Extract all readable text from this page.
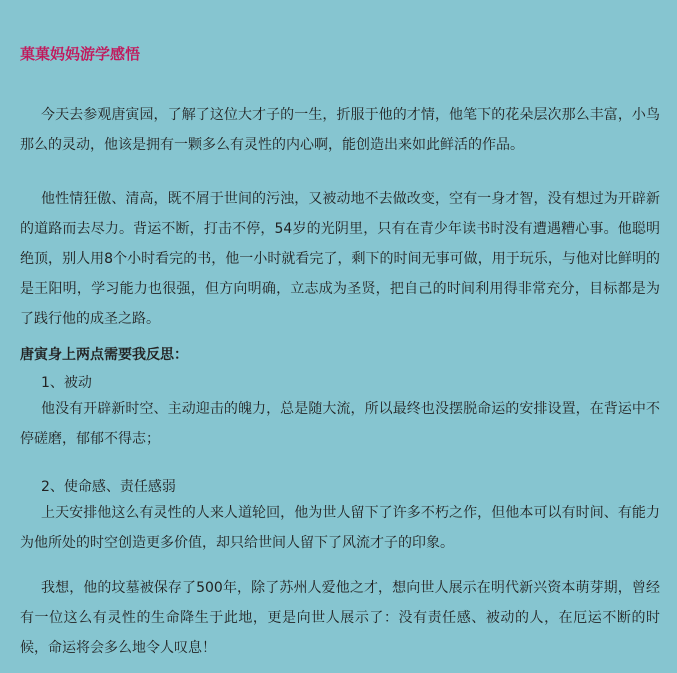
菓菓妈妈游学感悟

今天去参观唐寅园，了解了这位大才子的一生，折服于他的才情，他笔下的花朵层次那么丰富，小鸟那么的灵动，他该是拥有一颗多么有灵性的内心啊，能创造出来如此鲜活的作品。

他性情狂傲、清高，既不屑于世间的污浊，又被动地不去做改变，空有一身才智，没有想过为开辟新的道路而去尽力。背运不断，打击不停，54岁的光阴里，只有在青少年读书时没有遭遇糟心事。他聪明绝顶，别人用8个小时看完的书，他一小时就看完了，剩下的时间无事可做，用于玩乐，与他对比鲜明的是王阳明，学习能力也很强，但方向明确，立志成为圣贤，把自己的时间利用得非常充分，目标都是为了践行他的成圣之路。

唐寅身上两点需要我反思：

1、被动

他没有开辟新时空、主动迎击的魄力，总是随大流，所以最终也没摆脱命运的安排设置，在背运中不停磋磨，郁郁不得志；

2、使命感、责任感弱

上天安排他这么有灵性的人来人道轮回，他为世人留下了许多不朽之作，但他本可以有时间、有能力为他所处的时空创造更多价值，却只给世间人留下了风流才子的印象。

我想，他的坟墓被保存了500年，除了苏州人爱他之才，想向世人展示在明代新兴资本萌芽期，曾经有一位这么有灵性的生命降生于此地，更是向世人展示了：没有责任感、被动的人，在厄运不断的时候，命运将会多么地令人叹息！
